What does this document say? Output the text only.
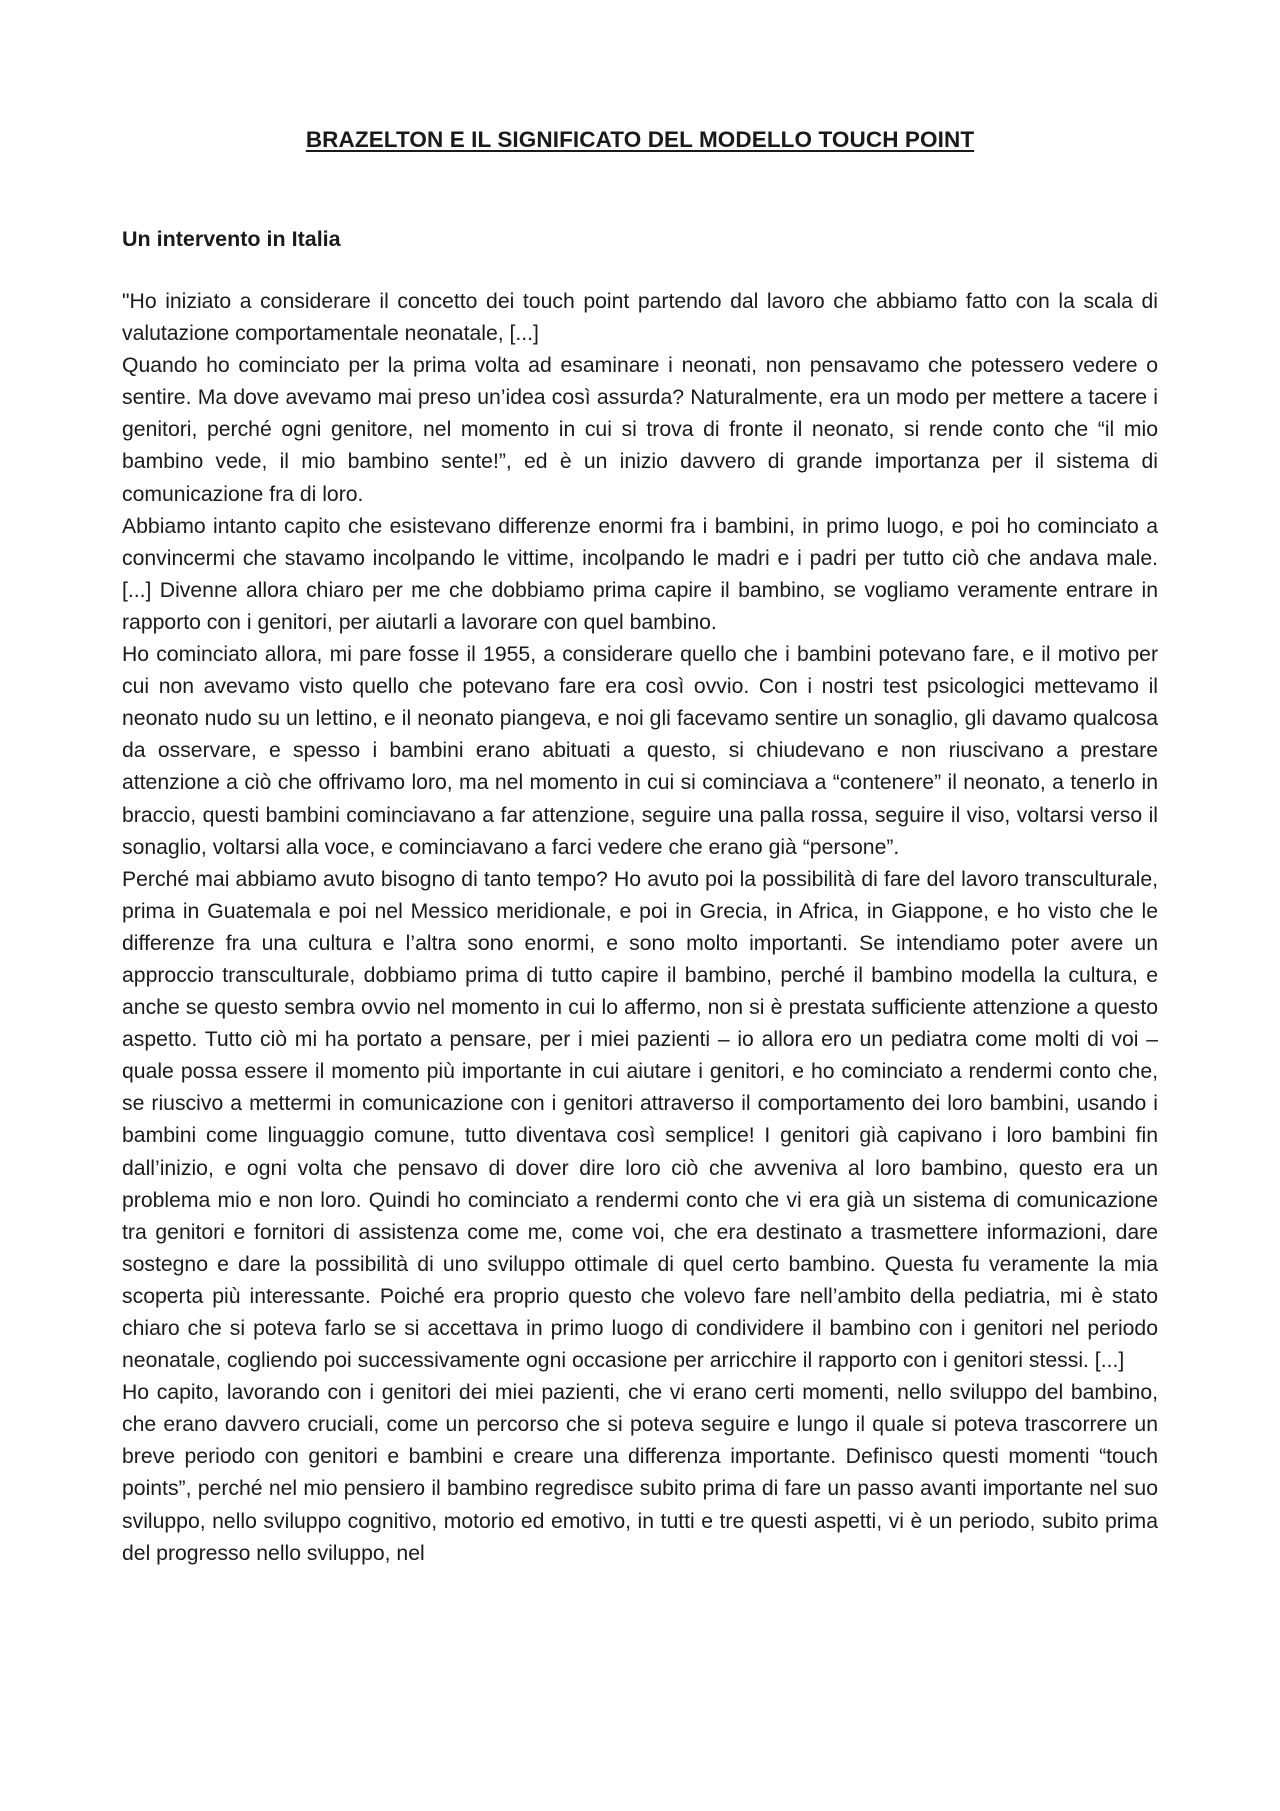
BRAZELTON E IL SIGNIFICATO DEL MODELLO TOUCH POINT
Un intervento in Italia

"Ho iniziato a considerare il concetto dei touch point partendo dal lavoro che abbiamo fatto con la scala di valutazione comportamentale neonatale, [...]

Quando ho cominciato per la prima volta ad esaminare i neonati, non pensavamo che potessero vedere o sentire. Ma dove avevamo mai preso un’idea così assurda? Naturalmente, era un modo per mettere a tacere i genitori, perché ogni genitore, nel momento in cui si trova di fronte il neonato, si rende conto che “il mio bambino vede, il mio bambino sente!”, ed è un inizio davvero di grande importanza per il sistema di comunicazione fra di loro.

Abbiamo intanto capito che esistevano differenze enormi fra i bambini, in primo luogo, e poi ho cominciato a convincermi che stavamo incolpando le vittime, incolpando le madri e i padri per tutto ciò che andava male. [...] Divenne allora chiaro per me che dobbiamo prima capire il bambino, se vogliamo veramente entrare in rapporto con i genitori, per aiutarli a lavorare con quel bambino.

Ho cominciato allora, mi pare fosse il 1955, a considerare quello che i bambini potevano fare, e il motivo per cui non avevamo visto quello che potevano fare era così ovvio. Con i nostri test psicologici mettevamo il neonato nudo su un lettino, e il neonato piangeva, e noi gli facevamo sentire un sonaglio, gli davamo qualcosa da osservare, e spesso i bambini erano abituati a questo, si chiudevano e non riuscivano a prestare attenzione a ciò che offrivamo loro, ma nel momento in cui si cominciava a “contenere” il neonato, a tenerlo in braccio, questi bambini cominciavano a far attenzione, seguire una palla rossa, seguire il viso, voltarsi verso il sonaglio, voltarsi alla voce, e cominciavano a farci vedere che erano già “persone”.

Perché mai abbiamo avuto bisogno di tanto tempo? Ho avuto poi la possibilità di fare del lavoro transculturale, prima in Guatemala e poi nel Messico meridionale, e poi in Grecia, in Africa, in Giappone, e ho visto che le differenze fra una cultura e l’altra sono enormi, e sono molto importanti. Se intendiamo poter avere un approccio transculturale, dobbiamo prima di tutto capire il bambino, perché il bambino modella la cultura, e anche se questo sembra ovvio nel momento in cui lo affermo, non si è prestata sufficiente attenzione a questo aspetto. Tutto ciò mi ha portato a pensare, per i miei pazienti – io allora ero un pediatra come molti di voi – quale possa essere il momento più importante in cui aiutare i genitori, e ho cominciato a rendermi conto che, se riuscivo a mettermi in comunicazione con i genitori attraverso il comportamento dei loro bambini, usando i bambini come linguaggio comune, tutto diventava così semplice! I genitori già capivano i loro bambini fin dall’inizio, e ogni volta che pensavo di dover dire loro ciò che avveniva al loro bambino, questo era un problema mio e non loro. Quindi ho cominciato a rendermi conto che vi era già un sistema di comunicazione tra genitori e fornitori di assistenza come me, come voi, che era destinato a trasmettere informazioni, dare sostegno e dare la possibilità di uno sviluppo ottimale di quel certo bambino. Questa fu veramente la mia scoperta più interessante. Poiché era proprio questo che volevo fare nell’ambito della pediatria, mi è stato chiaro che si poteva farlo se si accettava in primo luogo di condividere il bambino con i genitori nel periodo neonatale, cogliendo poi successivamente ogni occasione per arricchire il rapporto con i genitori stessi. [...]

Ho capito, lavorando con i genitori dei miei pazienti, che vi erano certi momenti, nello sviluppo del bambino, che erano davvero cruciali, come un percorso che si poteva seguire e lungo il quale si poteva trascorrere un breve periodo con genitori e bambini e creare una differenza importante. Definisco questi momenti “touch points”, perché nel mio pensiero il bambino regredisce subito prima di fare un passo avanti importante nel suo sviluppo, nello sviluppo cognitivo, motorio ed emotivo, in tutti e tre questi aspetti, vi è un periodo, subito prima del progresso nello sviluppo, nel
